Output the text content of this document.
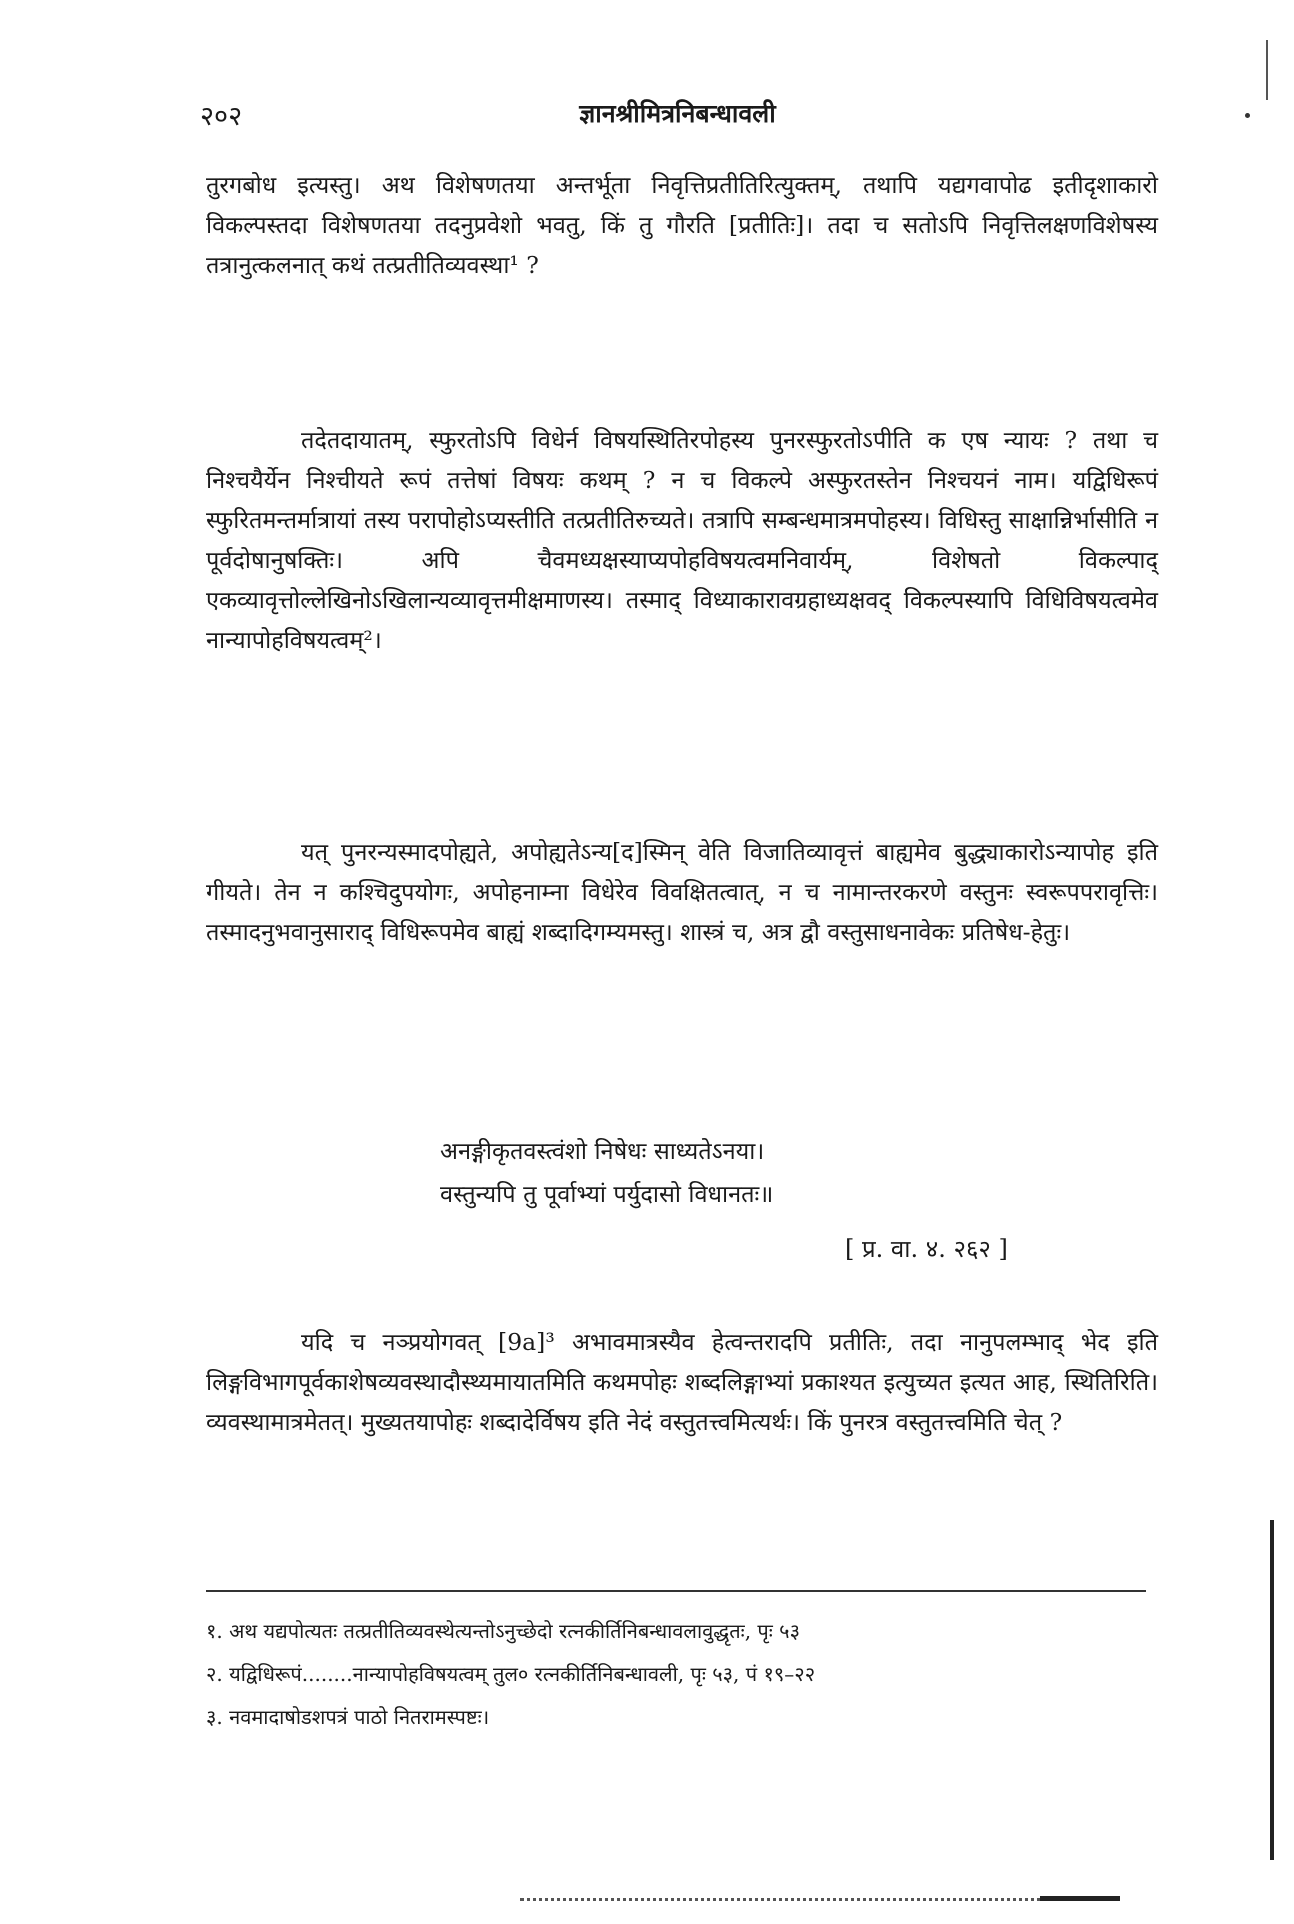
२०२	ज्ञानश्रीमित्रनिबन्धावली

तुरगबोध इत्यस्तु। अथ विशेषणतया अन्तर्भूता निवृत्तिप्रतीतिरित्युक्तम्, तथापि यद्यगवापोढ इतीदृशाकारो विकल्पस्तदा विशेषणतया तदनुप्रवेशो भवतु, किं तु गौरति [प्रतीतिः]। तदा च सतोऽपि निवृत्तिलक्षणविशेषस्य तत्रानुत्कलनात् कथं तत्प्रतीतिव्यवस्था¹ ?

तदेतदायातम्, स्फुरतोऽपि विधेर्न विषयस्थितिरपोहस्य पुनरस्फुरतोऽपीति क एष न्यायः ? तथा च निश्चयैर्येन निश्चीयते रूपं तत्तेषां विषयः कथम् ? न च विकल्पे अस्फुरतस्तेन निश्चयनं नाम। यद्विधिरूपं स्फुरितमन्तर्मात्रायां तस्य परापोहोऽप्यस्तीति तत्प्रतीतिरुच्यते। तत्रापि सम्बन्धमात्रमपोहस्य। विधिस्तु साक्षान्निर्भासीति न पूर्वदोषानुषक्तिः। अपि चैवमध्यक्षस्याप्यपोहविषयत्वमनिवार्यम्, विशेषतो विकल्पाद् एकव्यावृत्तोल्लेखिनोऽखिलान्यव्यावृत्तमीक्षमाणस्य। तस्माद् विध्याकारावग्रहाध्यक्षवद् विकल्पस्यापि विधिविषयत्वमेव नान्यापोहविषयत्वम्²।

यत् पुनरन्यस्मादपोह्यते, अपोह्यतेऽन्य[द]स्मिन् वेति विजातिव्यावृत्तं बाह्यमेव बुद्ध्याकारोऽन्यापोह इति गीयते। तेन न कश्चिदुपयोगः, अपोहनाम्ना विधेरेव विवक्षितत्वात्, न च नामान्तरकरणे वस्तुनः स्वरूपपरावृत्तिः। तस्मादनुभवानुसाराद् विधिरूपमेव बाह्यं शब्दादिगम्यमस्तु। शास्त्रं च, अत्र द्वौ वस्तुसाधनावेकः प्रतिषेध-हेतुः।

अनङ्गीकृतवस्त्वंशो निषेधः साध्यतेऽनया।
वस्तुन्यपि तु पूर्वाभ्यां पर्युदासो विधानतः॥
[ प्र. वा. ४. २६२ ]

यदि च नञ्प्रयोगवत् [9a]³ अभावमात्रस्यैव हेत्वन्तरादपि प्रतीतिः, तदा नानुपलम्भाद् भेद इति लिङ्गविभागपूर्वकाशेषव्यवस्थादौस्थ्यमायातमिति कथमपोहः शब्दलिङ्गाभ्यां प्रकाश्यत इत्युच्यत इत्यत आह, स्थितिरिति। व्यवस्थामात्रमेतत्। मुख्यतयापोहः शब्दादेर्विषय इति नेदं वस्तुतत्त्वमित्यर्थः। किं पुनरत्र वस्तुतत्त्वमिति चेत् ?

१. अथ यद्यपोत्यतः तत्प्रतीतिव्यवस्थेत्यन्तोऽनुच्छेदो रत्नकीर्तिनिबन्धावलावुद्धृतः, पृः ५३
२. यद्विधिरूपं........नान्यापोहविषयत्वम् तुल० रत्नकीर्तिनिबन्धावली, पृः ५३, पं १९–२२
३. नवमादाषोडशपत्रं पाठो नितरामस्पष्टः।
